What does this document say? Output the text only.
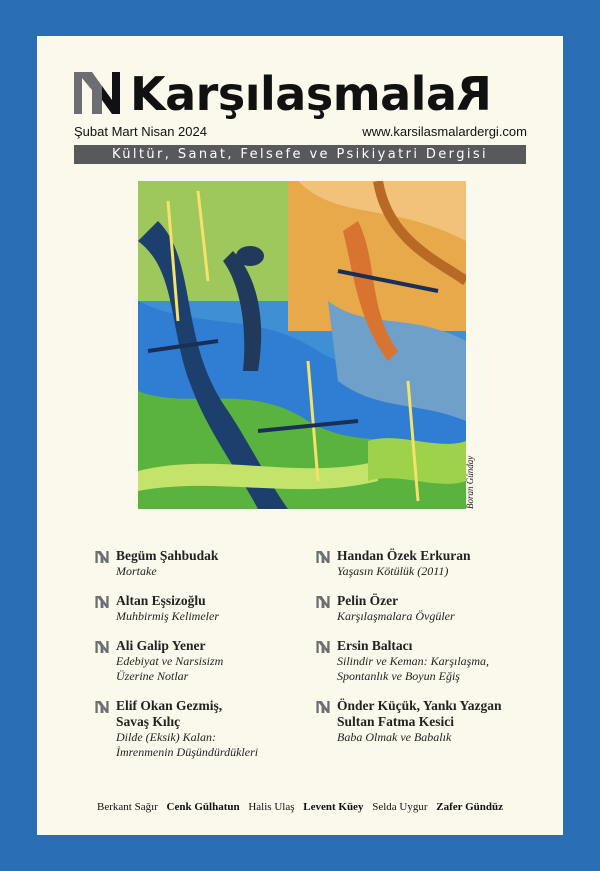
KarşılaşmalaR
Şubat Mart Nisan 2024	www.karsilasmalardergi.com
Kültür, Sanat, Felsefe ve Psikiyatri Dergisi
Boran Günday
Begüm Şahbudak
Mortake
Altan Eşsizoğlu
Muhbirmiş Kelimeler
Ali Galip Yener
Edebiyat ve Narsisizm
Üzerine Notlar
Elif Okan Gezmiş,
Savaş Kılıç
Dilde (Eksik) Kalan:
İmrenmenin Düşündürdükleri
Handan Özek Erkuran
Yaşasın Kötülük (2011)
Pelin Özer
Karşılaşmalara Övgüler
Ersin Baltacı
Silindir ve Keman: Karşılaşma,
Spontanlık ve Boyun Eğiş
Önder Küçük, Yankı Yazgan
Sultan Fatma Kesici
Baba Olmak ve Babalık
Berkant Sağır Cenk Gülhatun Halis Ulaş Levent Küey Selda Uygur Zafer Gündüz
